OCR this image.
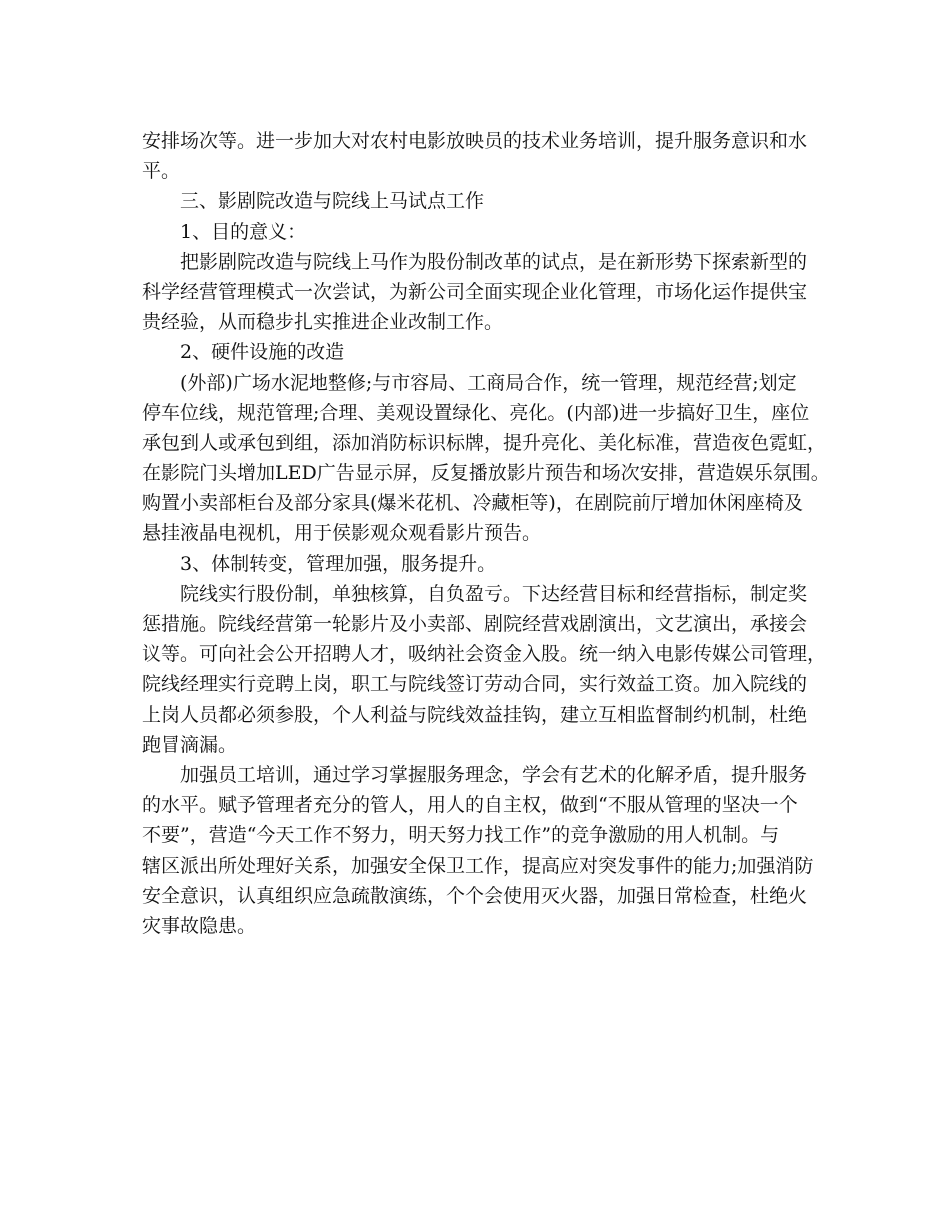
安排场次等。进一步加大对农村电影放映员的技术业务培训，提升服务意识和水
平。
三、影剧院改造与院线上马试点工作
1、目的意义：
把影剧院改造与院线上马作为股份制改革的试点，是在新形势下探索新型的
科学经营管理模式一次尝试，为新公司全面实现企业化管理，市场化运作提供宝
贵经验，从而稳步扎实推进企业改制工作。
2、硬件设施的改造
(外部)广场水泥地整修;与市容局、工商局合作，统一管理，规范经营;划定
停车位线，规范管理;合理、美观设置绿化、亮化。(内部)进一步搞好卫生，座位
承包到人或承包到组，添加消防标识标牌，提升亮化、美化标准，营造夜色霓虹，
在影院门头增加LED广告显示屏，反复播放影片预告和场次安排，营造娱乐氛围。
购置小卖部柜台及部分家具(爆米花机、冷藏柜等)，在剧院前厅增加休闲座椅及
悬挂液晶电视机，用于侯影观众观看影片预告。
3、体制转变，管理加强，服务提升。
院线实行股份制，单独核算，自负盈亏。下达经营目标和经营指标，制定奖
惩措施。院线经营第一轮影片及小卖部、剧院经营戏剧演出，文艺演出，承接会
议等。可向社会公开招聘人才，吸纳社会资金入股。统一纳入电影传媒公司管理，
院线经理实行竞聘上岗，职工与院线签订劳动合同，实行效益工资。加入院线的
上岗人员都必须参股，个人利益与院线效益挂钩，建立互相监督制约机制，杜绝
跑冒滴漏。
加强员工培训，通过学习掌握服务理念，学会有艺术的化解矛盾，提升服务
的水平。赋予管理者充分的管人，用人的自主权，做到“不服从管理的坚决一个
不要”，营造“今天工作不努力，明天努力找工作”的竞争激励的用人机制。与
辖区派出所处理好关系，加强安全保卫工作，提高应对突发事件的能力;加强消防
安全意识，认真组织应急疏散演练，个个会使用灭火器，加强日常检查，杜绝火
灾事故隐患。
